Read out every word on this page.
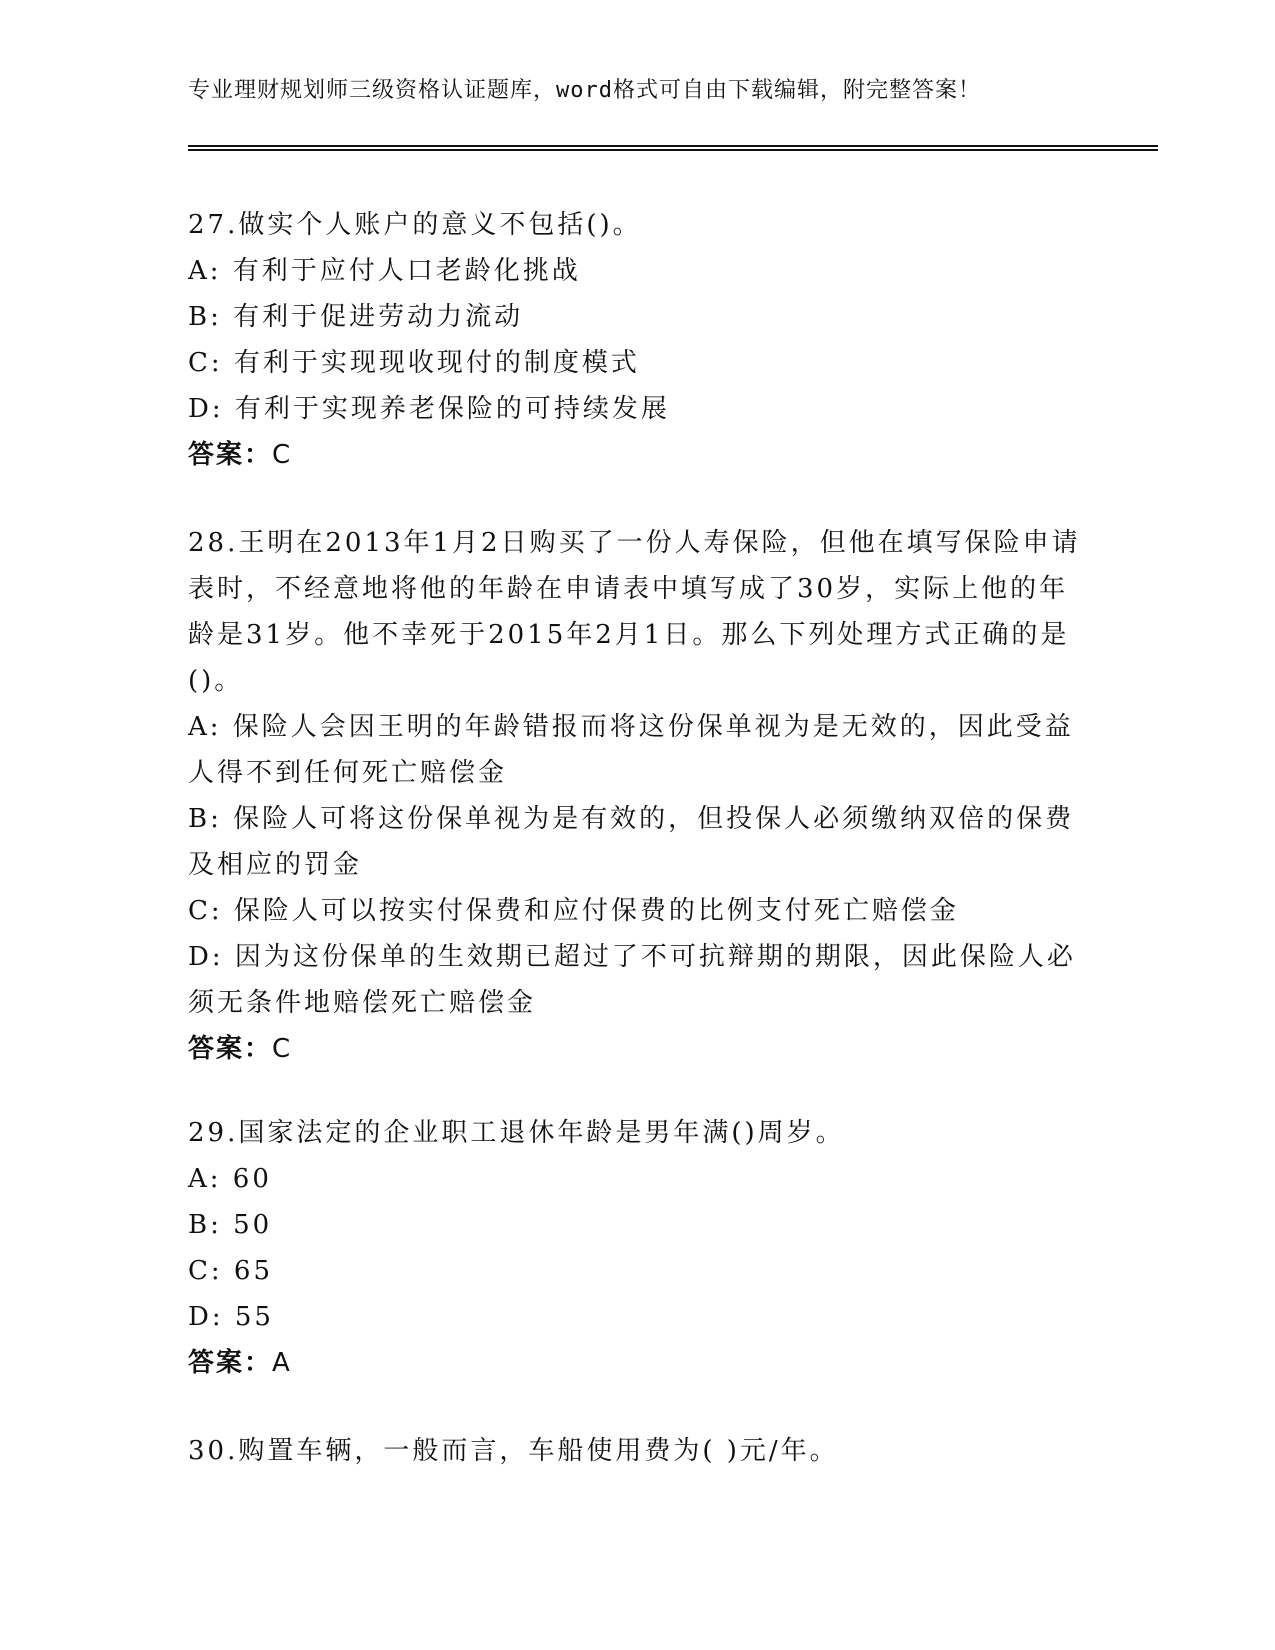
专业理财规划师三级资格认证题库，word格式可自由下载编辑，附完整答案！

27.做实个人账户的意义不包括()。

A: 有利于应付人口老龄化挑战

B: 有利于促进劳动力流动

C: 有利于实现现收现付的制度模式

D: 有利于实现养老保险的可持续发展

答案：C

28.王明在2013年1月2日购买了一份人寿保险，但他在填写保险申请表时，不经意地将他的年龄在申请表中填写成了30岁，实际上他的年龄是31岁。他不幸死于2015年2月1日。那么下列处理方式正确的是()。

A: 保险人会因王明的年龄错报而将这份保单视为是无效的，因此受益人得不到任何死亡赔偿金

B: 保险人可将这份保单视为是有效的，但投保人必须缴纳双倍的保费及相应的罚金

C: 保险人可以按实付保费和应付保费的比例支付死亡赔偿金

D: 因为这份保单的生效期已超过了不可抗辩期的期限，因此保险人必须无条件地赔偿死亡赔偿金

答案：C

29.国家法定的企业职工退休年龄是男年满()周岁。

A: 60

B: 50

C: 65

D: 55

答案：A

30.购置车辆，一般而言，车船使用费为( )元/年。
